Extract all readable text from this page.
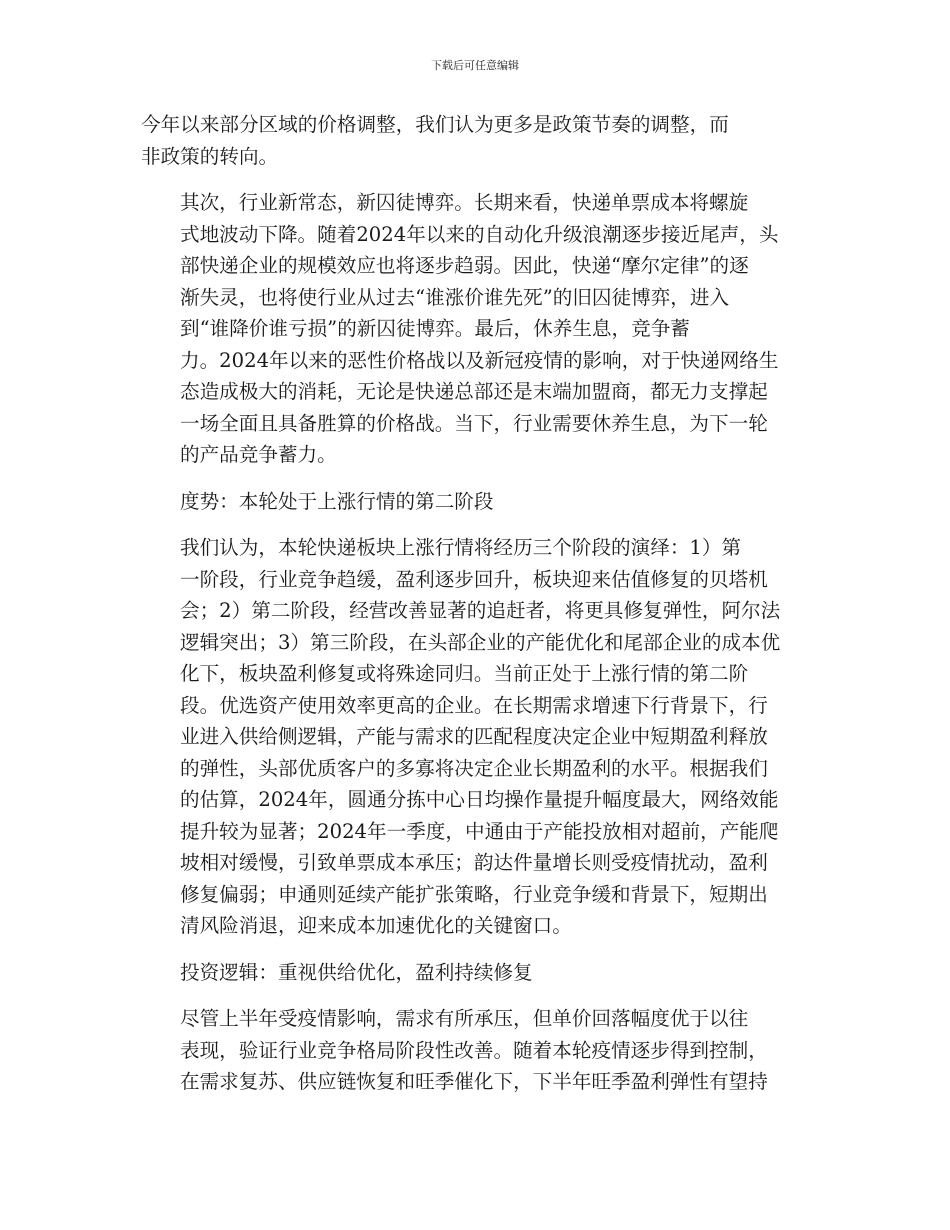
下载后可任意编辑

今年以来部分区域的价格调整，我们认为更多是政策节奏的调整，而
非政策的转向。

其次，行业新常态，新囚徒博弈。长期来看，快递单票成本将螺旋
式地波动下降。随着2024年以来的自动化升级浪潮逐步接近尾声，头
部快递企业的规模效应也将逐步趋弱。因此，快递“摩尔定律”的逐
渐失灵，也将使行业从过去“谁涨价谁先死”的旧囚徒博弈，进入
到“谁降价谁亏损”的新囚徒博弈。最后，休养生息，竞争蓄
力。2024年以来的恶性价格战以及新冠疫情的影响，对于快递网络生
态造成极大的消耗，无论是快递总部还是末端加盟商，都无力支撑起
一场全面且具备胜算的价格战。当下，行业需要休养生息，为下一轮
的产品竞争蓄力。

度势：本轮处于上涨行情的第二阶段

我们认为，本轮快递板块上涨行情将经历三个阶段的演绎：1）第
一阶段，行业竞争趋缓，盈利逐步回升，板块迎来估值修复的贝塔机
会；2）第二阶段，经营改善显著的追赶者，将更具修复弹性，阿尔法
逻辑突出；3）第三阶段，在头部企业的产能优化和尾部企业的成本优
化下，板块盈利修复或将殊途同归。当前正处于上涨行情的第二阶
段。优选资产使用效率更高的企业。在长期需求增速下行背景下，行
业进入供给侧逻辑，产能与需求的匹配程度决定企业中短期盈利释放
的弹性，头部优质客户的多寡将决定企业长期盈利的水平。根据我们
的估算，2024年，圆通分拣中心日均操作量提升幅度最大，网络效能
提升较为显著；2024年一季度，中通由于产能投放相对超前，产能爬
坡相对缓慢，引致单票成本承压；韵达件量增长则受疫情扰动，盈利
修复偏弱；申通则延续产能扩张策略，行业竞争缓和背景下，短期出
清风险消退，迎来成本加速优化的关键窗口。

投资逻辑：重视供给优化，盈利持续修复

尽管上半年受疫情影响，需求有所承压，但单价回落幅度优于以往
表现，验证行业竞争格局阶段性改善。随着本轮疫情逐步得到控制，
在需求复苏、供应链恢复和旺季催化下，下半年旺季盈利弹性有望持
